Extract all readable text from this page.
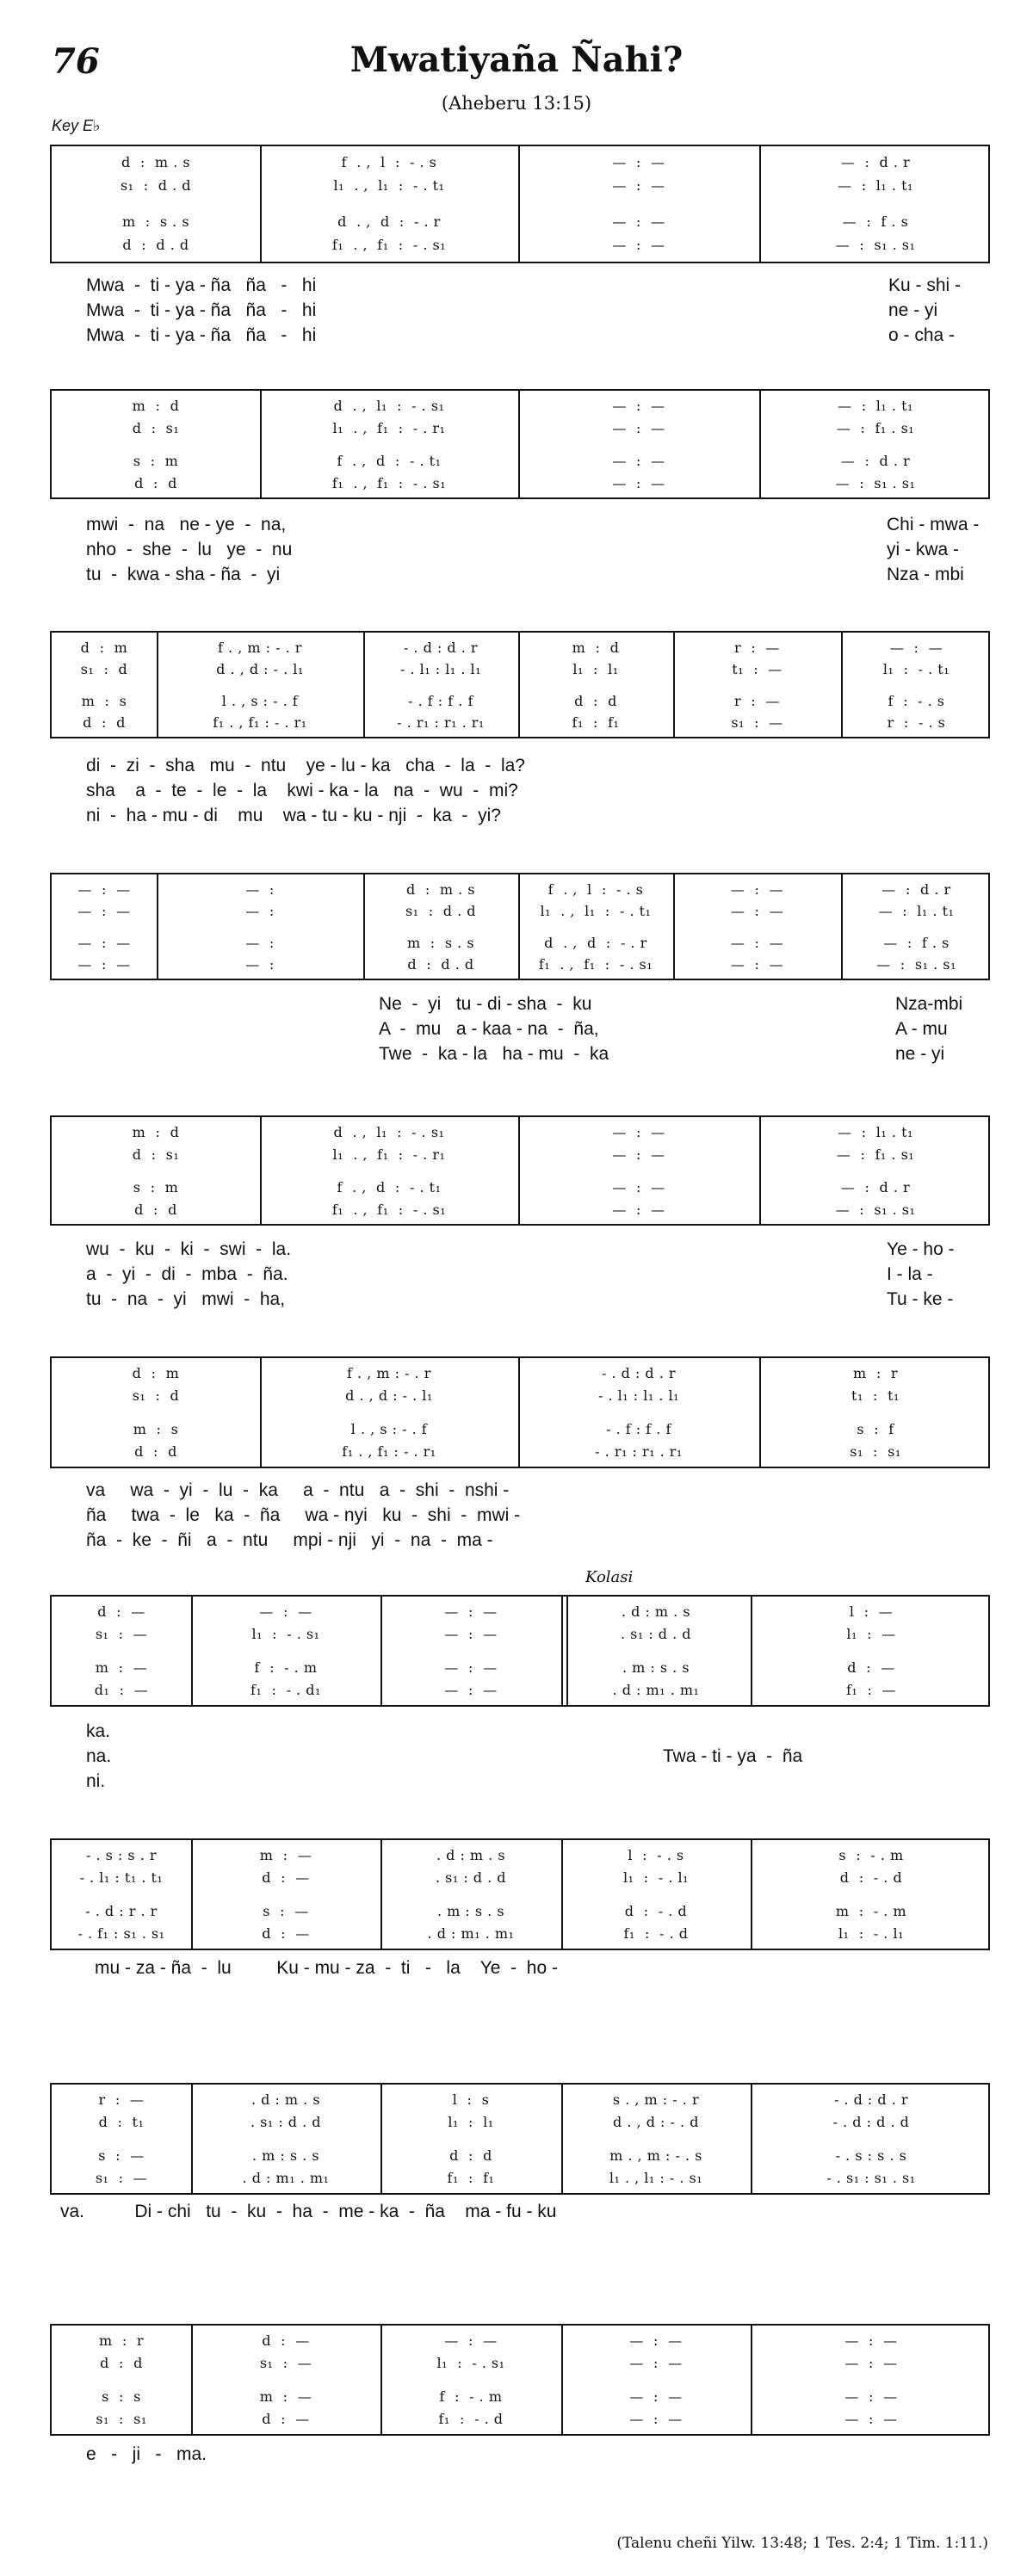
76	Mwatiyaña Ñahi?
(Aheberu 13:15)
Key E♭
d  :  m . s	f  . ,  l  :  - . s	—  :  —	—  :  d . r
s₁  :  d . d	l₁  . ,  l₁  :  - . t₁	—  :  —	—  :  l₁ . t₁
m  :  s . s	d  . ,  d  :  - . r	—  :  —	—  :  f . s
d  :  d . d	f₁  . ,  f₁  :  - . s₁	—  :  —	—  :  s₁ . s₁
Mwa  -  ti - ya - ña   ña   -   hi	Ku - shi -
Mwa  -  ti - ya - ña   ña   -   hi	ne - yi
Mwa  -  ti - ya - ña   ña   -   hi	o - cha -
m  :  d	d  . ,  l₁  :  - . s₁	—  :  —	—  :  l₁ . t₁
d  :  s₁	l₁  . ,  f₁  :  - . r₁	—  :  —	—  :  f₁ . s₁
s  :  m	f  . ,  d  :  - . t₁	—  :  —	—  :  d . r
d  :  d	f₁  . ,  f₁  :  - . s₁	—  :  —	—  :  s₁ . s₁
mwi  -  na   ne - ye  -  na,	Chi - mwa -
nho  -  she  -  lu   ye  -  nu	yi - kwa -
tu  -  kwa - sha - ña  -  yi	Nza - mbi
d  :  m	f . , m : - . r	- . d : d . r	m  :  d	r  :  —	—  :  —
s₁  :  d	d . , d : - . l₁	- . l₁ : l₁ . l₁	l₁  :  l₁	t₁  :  —	l₁  :  - . t₁
m  :  s	l . , s : - . f	- . f : f . f	d  :  d	r  :  —	f  :  - . s
d  :  d	f₁ . , f₁ : - . r₁	- . r₁ : r₁ . r₁	f₁  :  f₁	s₁  :  —	r  :  - . s
di  -  zi  -  sha   mu  -  ntu    ye - lu - ka   cha  -  la  -  la?
sha    a  -  te  -  le  -  la    kwi - ka - la   na  -  wu  -  mi?
ni  -  ha - mu - di    mu    wa - tu - ku - nji  -  ka  -  yi?
—  :  —	—  :	d  :  m . s	f  . ,  l  :  - . s	—  :  —	—  :  d . r
—  :  —	—  :	s₁  :  d . d	l₁  . ,  l₁  :  - . t₁	—  :  —	—  :  l₁ . t₁
—  :  —	—  :	m  :  s . s	d  . ,  d  :  - . r	—  :  —	—  :  f . s
—  :  —	—  :	d  :  d . d	f₁  . ,  f₁  :  - . s₁	—  :  —	—  :  s₁ . s₁
Ne  -  yi   tu - di - sha  -  ku	Nza-mbi
A  -  mu   a - kaa - na  -  ña,	A - mu
Twe  -  ka - la   ha - mu  -  ka	ne - yi
m  :  d	d  . ,  l₁  :  - . s₁	—  :  —	—  :  l₁ . t₁
d  :  s₁	l₁  . ,  f₁  :  - . r₁	—  :  —	—  :  f₁ . s₁
s  :  m	f  . ,  d  :  - . t₁	—  :  —	—  :  d . r
d  :  d	f₁  . ,  f₁  :  - . s₁	—  :  —	—  :  s₁ . s₁
wu  -  ku  -  ki  -  swi  -  la.	Ye - ho -
a  -  yi  -  di  -  mba  -  ña.	I - la -
tu  -  na  -  yi   mwi  -  ha,	Tu - ke -
d  :  m	f . , m : - . r	- . d : d . r	m  :  r
s₁  :  d	d . , d : - . l₁	- . l₁ : l₁ . l₁	t₁  :  t₁
m  :  s	l . , s : - . f	- . f : f . f	s  :  f
d  :  d	f₁ . , f₁ : - . r₁	- . r₁ : r₁ . r₁	s₁  :  s₁
va     wa  -  yi  -  lu  -  ka     a  -  ntu   a  -  shi  -  nshi -
ña     twa  -  le   ka  -  ña     wa - nyi   ku  -  shi  -  mwi -
ña  -  ke  -  ñi   a  -  ntu     mpi - nji   yi  -  na  -  ma -
d  :  —	—  :  —	—  :  —	. d : m . s	l  :  —
s₁  :  —	l₁  :  - . s₁	—  :  —	. s₁ : d . d	l₁  :  —
m  :  —	f  :  - . m	—  :  —	. m : s . s	d  :  —
d₁  :  —	f₁  :  - . d₁	—  :  —	. d : m₁ . m₁	f₁  :  —
ka.
na.	Twa - ti - ya  -  ña
ni.
- . s : s . r	m  :  —	. d : m . s	l  :  - . s	s  :  - . m
- . l₁ : t₁ . t₁	d  :  —	. s₁ : d . d	l₁  :  - . l₁	d  :  - . d
- . d : r . r	s  :  —	. m : s . s	d  :  - . d	m  :  - . m
- . f₁ : s₁ . s₁	d  :  —	. d : m₁ . m₁	f₁  :  - . d	l₁  :  - . l₁
mu - za - ña  -  lu         Ku - mu - za  -  ti   -   la    Ye  -  ho -
r  :  —	. d : m . s	l  :  s	s . , m : - . r	- . d : d . r
d  :  t₁	. s₁ : d . d	l₁  :  l₁	d . , d : - . d	- . d : d . d
s  :  —	. m : s . s	d  :  d	m . , m : - . s	- . s : s . s
s₁  :  —	. d : m₁ . m₁	f₁  :  f₁	l₁ . , l₁ : - . s₁	- . s₁ : s₁ . s₁
va.          Di - chi   tu  -  ku  -  ha  -  me - ka  -  ña    ma - fu - ku
m  :  r	d  :  —	—  :  —	—  :  —	—  :  —
d  :  d	s₁  :  —	l₁  :  - . s₁	—  :  —	—  :  —
s  :  s	m  :  —	f  :  - . m	—  :  —	—  :  —
s₁  :  s₁	d  :  —	f₁  :  - . d	—  :  —	—  :  —
e   -   ji   -   ma.
Kolasi
(Talenu cheñi Yilw. 13:48; 1 Tes. 2:4; 1 Tim. 1:11.)
